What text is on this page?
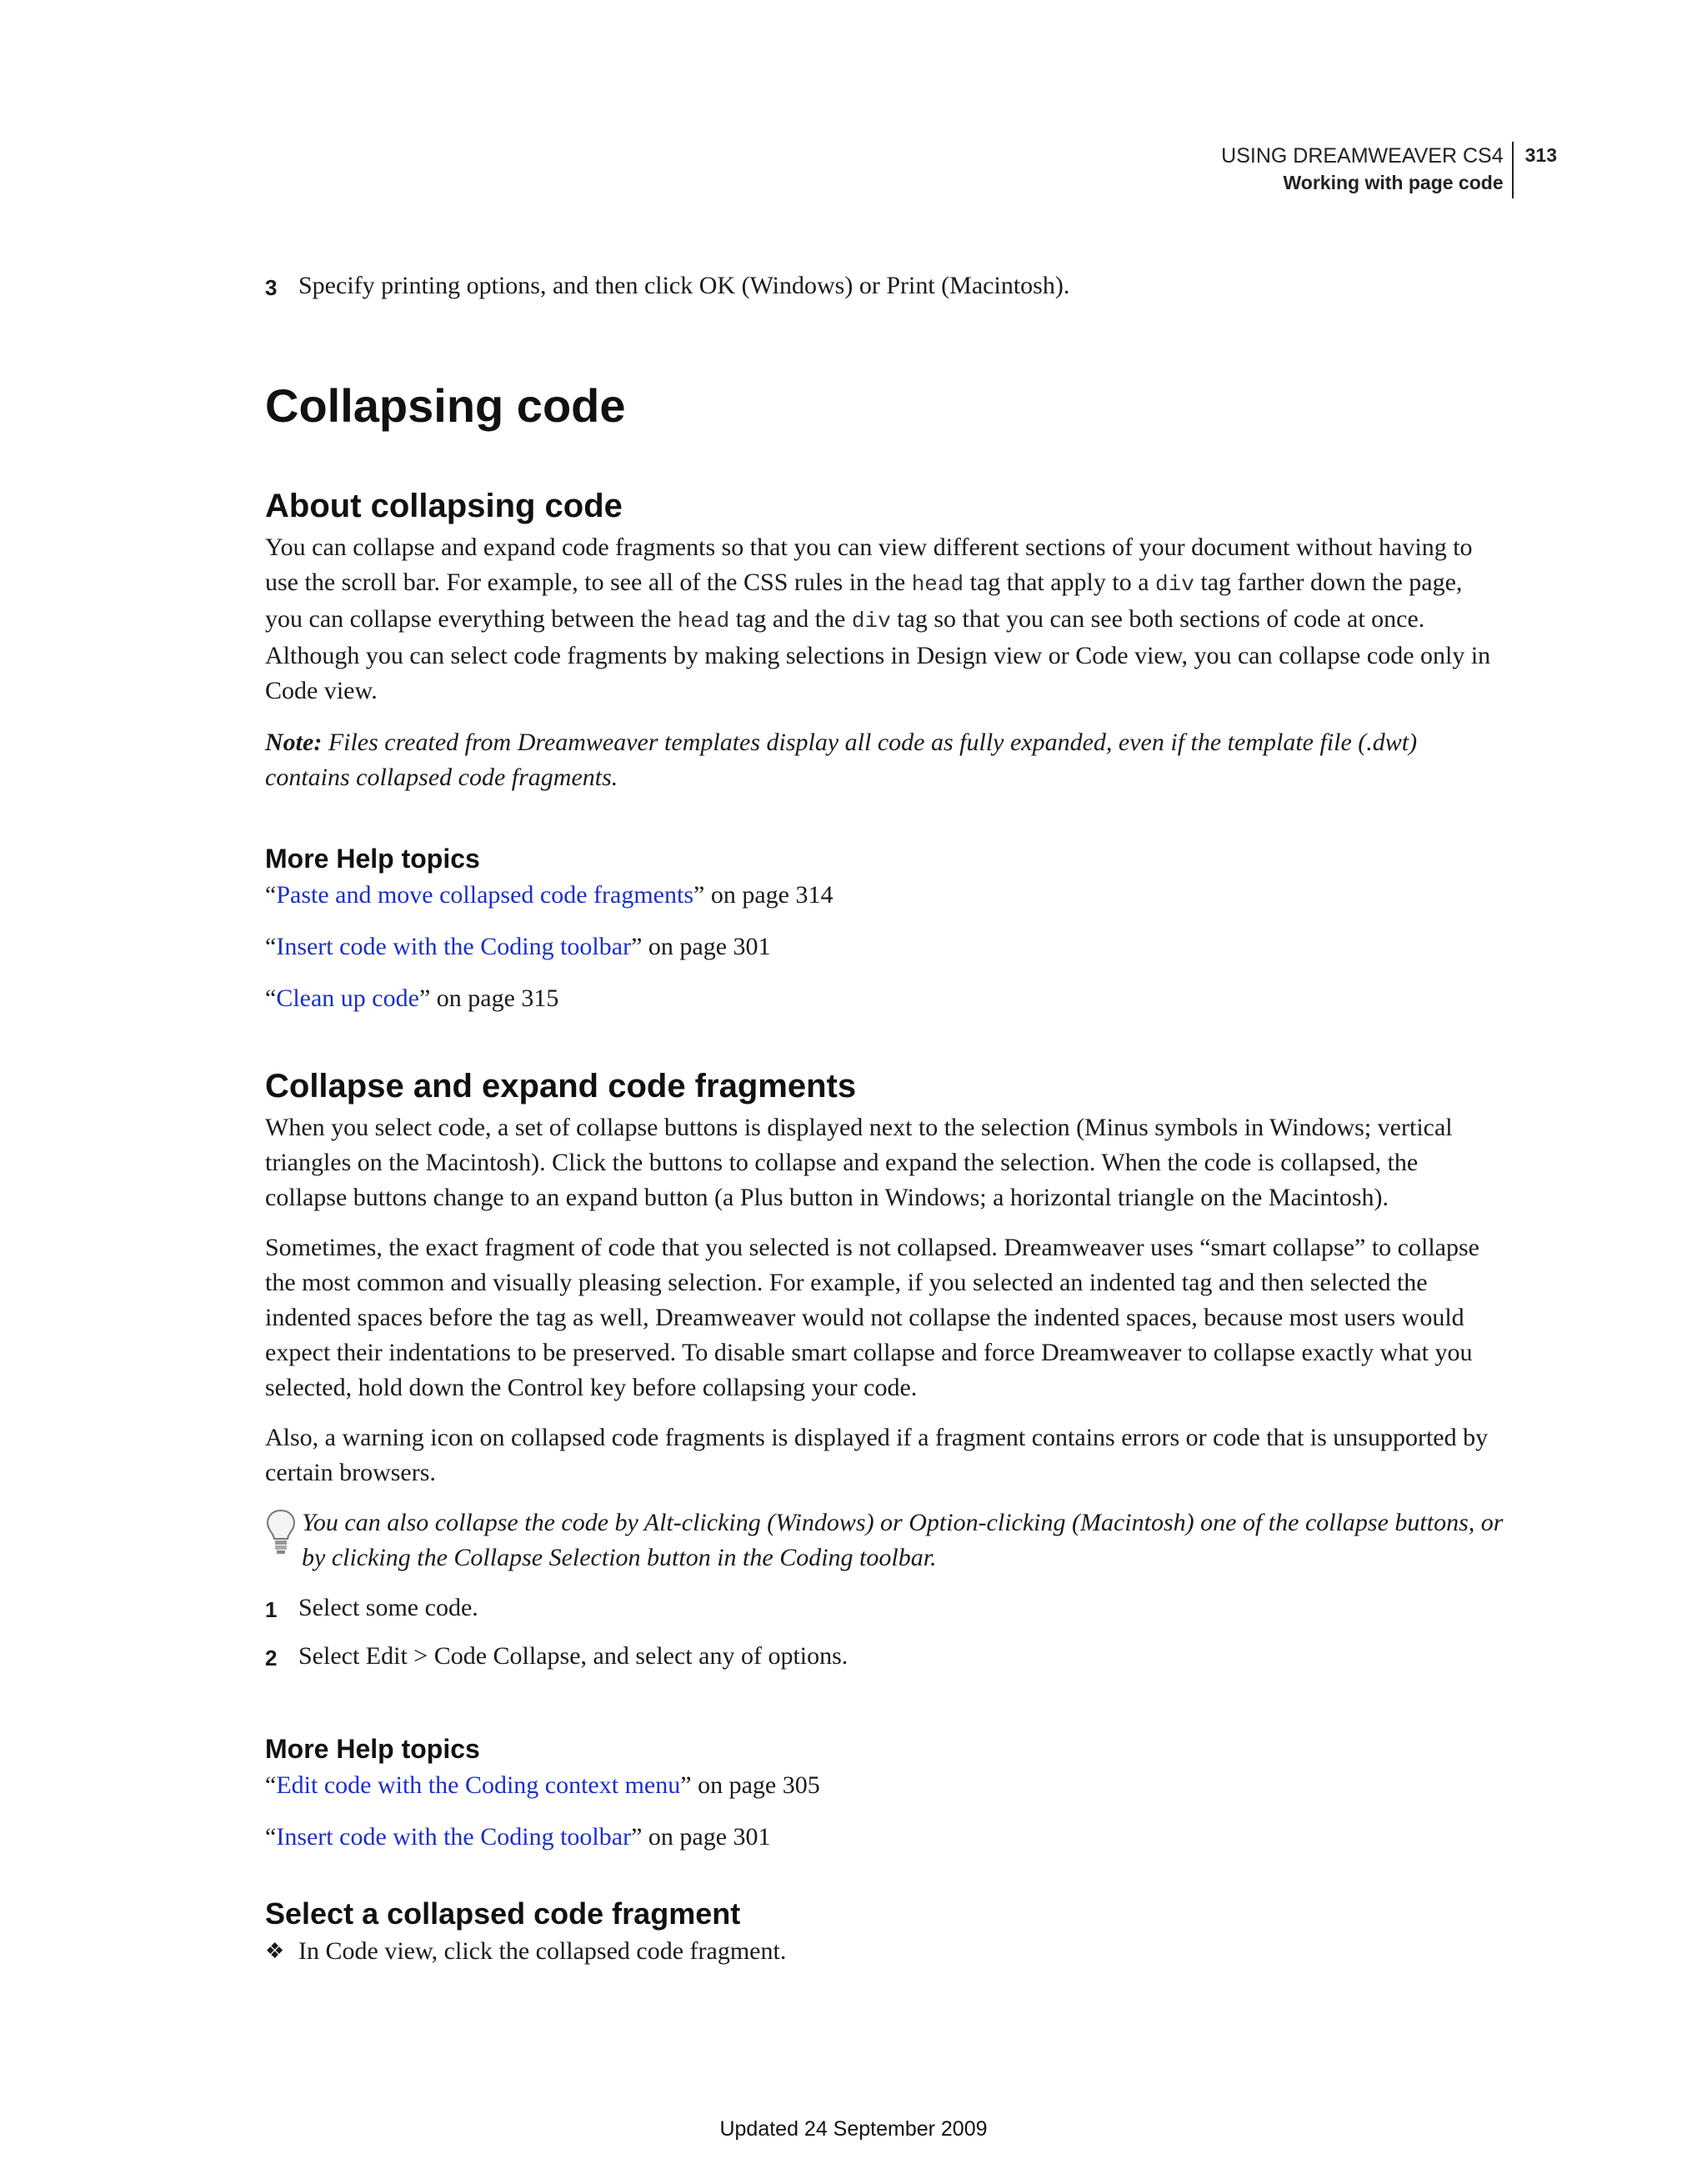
USING DREAMWEAVER CS4
Working with page code
313
3 Specify printing options, and then click OK (Windows) or Print (Macintosh).
Collapsing code
About collapsing code

You can collapse and expand code fragments so that you can view different sections of your document without having to use the scroll bar. For example, to see all of the CSS rules in the head tag that apply to a div tag farther down the page, you can collapse everything between the head tag and the div tag so that you can see both sections of code at once. Although you can select code fragments by making selections in Design view or Code view, you can collapse code only in Code view.

Note: Files created from Dreamweaver templates display all code as fully expanded, even if the template file (.dwt) contains collapsed code fragments.

More Help topics
“Paste and move collapsed code fragments” on page 314
“Insert code with the Coding toolbar” on page 301
“Clean up code” on page 315
Collapse and expand code fragments

When you select code, a set of collapse buttons is displayed next to the selection (Minus symbols in Windows; vertical triangles on the Macintosh). Click the buttons to collapse and expand the selection. When the code is collapsed, the collapse buttons change to an expand button (a Plus button in Windows; a horizontal triangle on the Macintosh).

Sometimes, the exact fragment of code that you selected is not collapsed. Dreamweaver uses “smart collapse” to collapse the most common and visually pleasing selection. For example, if you selected an indented tag and then selected the indented spaces before the tag as well, Dreamweaver would not collapse the indented spaces, because most users would expect their indentations to be preserved. To disable smart collapse and force Dreamweaver to collapse exactly what you selected, hold down the Control key before collapsing your code.

Also, a warning icon on collapsed code fragments is displayed if a fragment contains errors or code that is unsupported by certain browsers.

You can also collapse the code by Alt-clicking (Windows) or Option-clicking (Macintosh) one of the collapse buttons, or by clicking the Collapse Selection button in the Coding toolbar.

1 Select some code.
2 Select Edit > Code Collapse, and select any of options.
More Help topics
“Edit code with the Coding context menu” on page 305
“Insert code with the Coding toolbar” on page 301
Select a collapsed code fragment
❖ In Code view, click the collapsed code fragment.
Updated 24 September 2009
